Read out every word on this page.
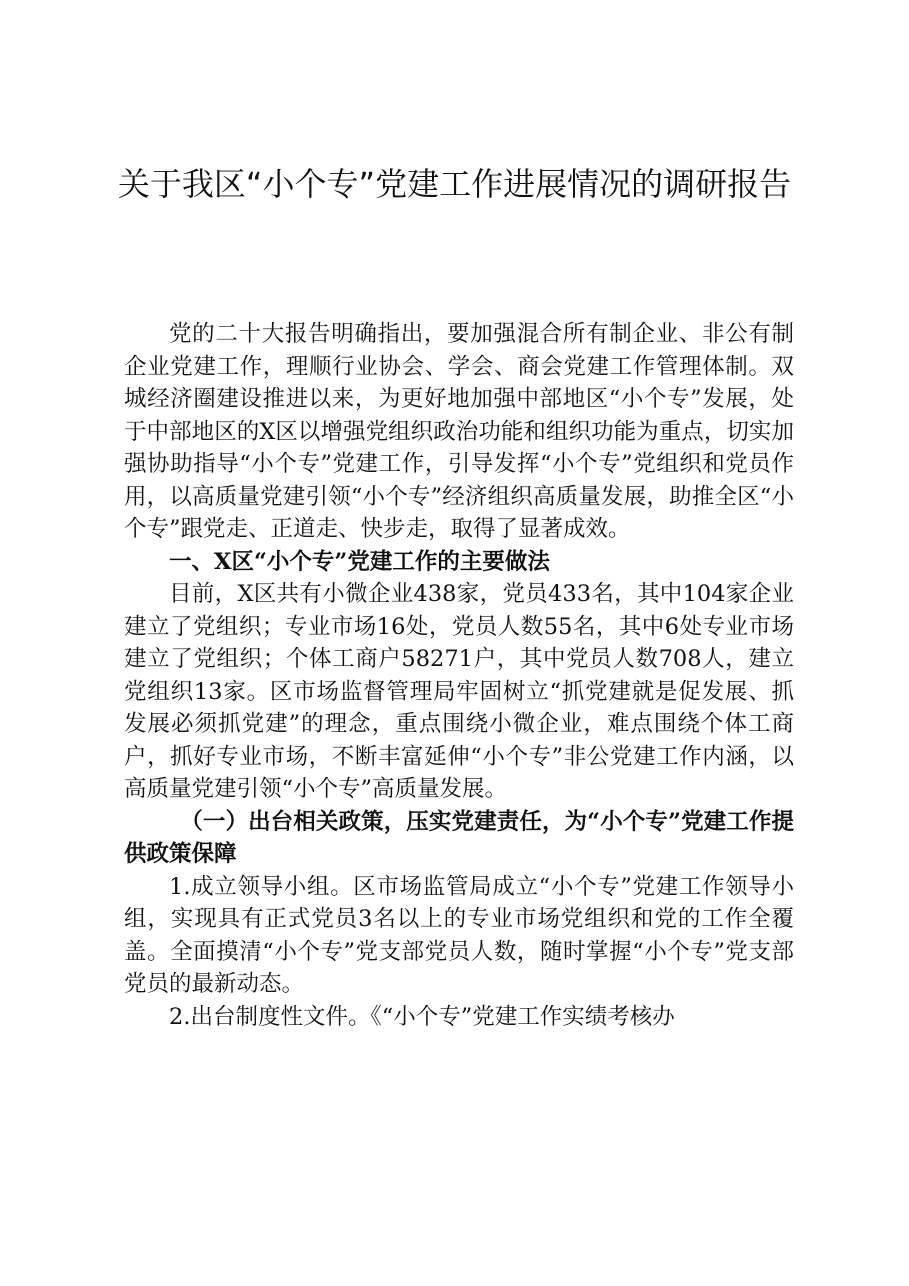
关于我区“小个专”党建工作进展情况的调研报告

党的二十大报告明确指出，要加强混合所有制企业、非公有制企业党建工作，理顺行业协会、学会、商会党建工作管理体制。双城经济圈建设推进以来，为更好地加强中部地区“小个专”发展，处于中部地区的X区以增强党组织政治功能和组织功能为重点，切实加强协助指导“小个专”党建工作，引导发挥“小个专”党组织和党员作用，以高质量党建引领“小个专”经济组织高质量发展，助推全区“小个专”跟党走、正道走、快步走，取得了显著成效。

一、X区“小个专”党建工作的主要做法

目前，X区共有小微企业438家，党员433名，其中104家企业建立了党组织；专业市场16处，党员人数55名，其中6处专业市场建立了党组织；个体工商户58271户，其中党员人数708人，建立党组织13家。区市场监督管理局牢固树立“抓党建就是促发展、抓发展必须抓党建”的理念，重点围绕小微企业，难点围绕个体工商户，抓好专业市场，不断丰富延伸“小个专”非公党建工作内涵，以高质量党建引领“小个专”高质量发展。

（一）出台相关政策，压实党建责任，为“小个专”党建工作提供政策保障

1.成立领导小组。区市场监管局成立“小个专”党建工作领导小组，实现具有正式党员3名以上的专业市场党组织和党的工作全覆盖。全面摸清“小个专”党支部党员人数，随时掌握“小个专”党支部党员的最新动态。

2.出台制度性文件。《“小个专”党建工作实绩考核办
